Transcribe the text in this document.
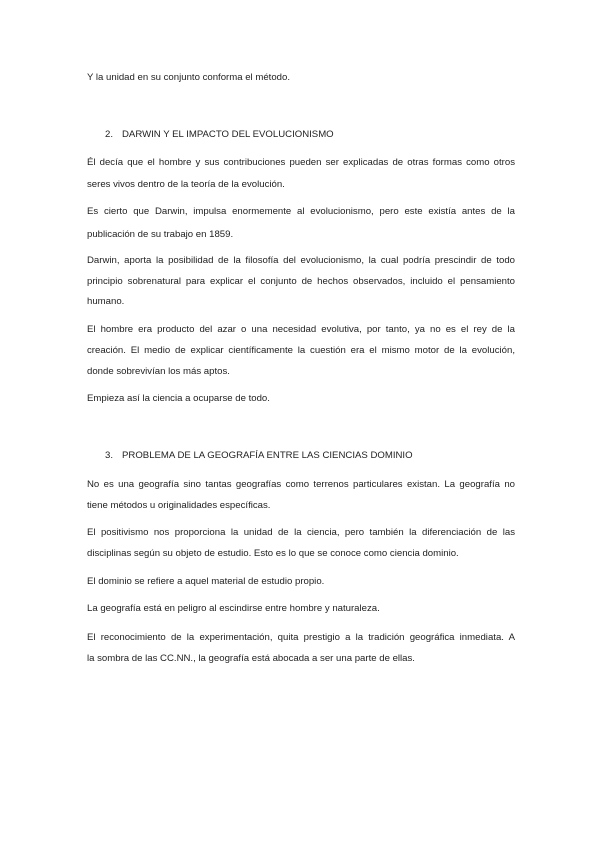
Y la unidad en su conjunto conforma el método.
2. DARWIN Y EL IMPACTO DEL EVOLUCIONISMO
Él decía que el hombre y sus contribuciones pueden ser explicadas de otras formas como otros
seres vivos dentro de la teoría de la evolución.
Es cierto que Darwin, impulsa enormemente al evolucionismo, pero este existía antes de la
publicación de su trabajo en 1859.
Darwin, aporta la posibilidad de la filosofía del evolucionismo, la cual podría prescindir de todo
principio sobrenatural para explicar el conjunto de hechos observados, incluido el pensamiento
humano.
El hombre era producto del azar o una necesidad evolutiva, por tanto, ya no es el rey de la
creación. El medio de explicar científicamente la cuestión era el mismo motor de la evolución,
donde sobrevivían los más aptos.
Empieza así la ciencia a ocuparse de todo.
3. PROBLEMA DE LA GEOGRAFÍA ENTRE LAS CIENCIAS DOMINIO
No es una geografía sino tantas geografías como terrenos particulares existan. La geografía no
tiene métodos u originalidades específicas.
El positivismo nos proporciona la unidad de la ciencia, pero también la diferenciación de las
disciplinas según su objeto de estudio. Esto es lo que se conoce como ciencia dominio.
El dominio se refiere a aquel material de estudio propio.
La geografía está en peligro al escindirse entre hombre y naturaleza.
El reconocimiento de la experimentación, quita prestigio a la tradición geográfica inmediata. A
la sombra de las CC.NN., la geografía está abocada a ser una parte de ellas.
